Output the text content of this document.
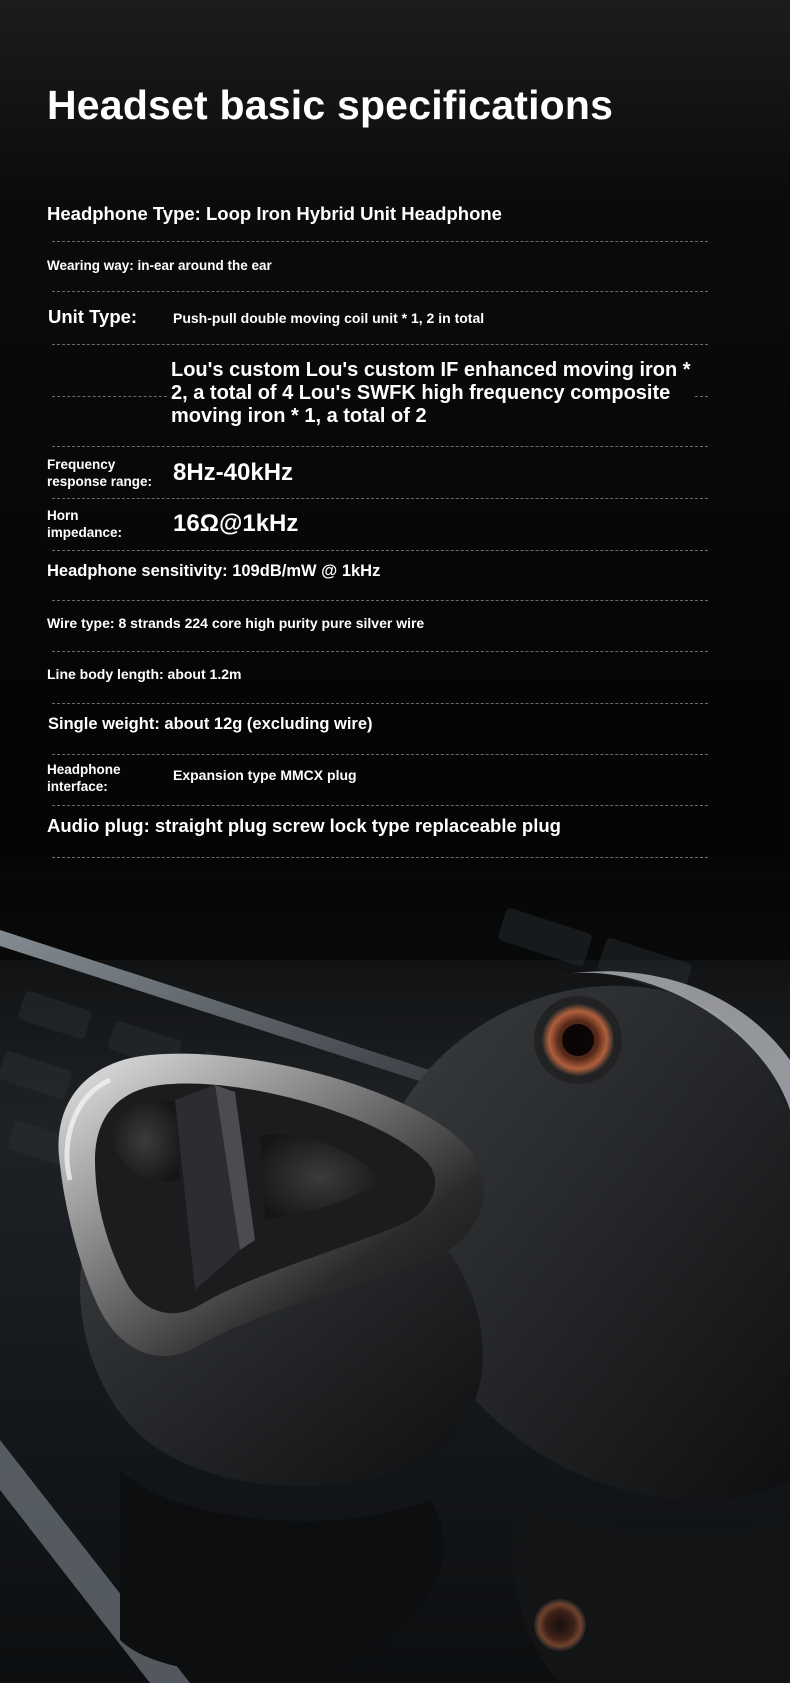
Headset basic specifications
Headphone Type: Loop Iron Hybrid Unit Headphone
Wearing way: in-ear around the ear
Unit Type:	Push-pull double moving coil unit * 1, 2 in total
Lou's custom Lou's custom IF enhanced moving iron * 2, a total of 4 Lou's SWFK high frequency composite moving iron * 1, a total of 2
Frequency response range: 8Hz-40kHz
Horn impedance:	16Ω@1kHz
Headphone sensitivity: 109dB/mW @ 1kHz
Wire type: 8 strands 224 core high purity pure silver wire
Line body length: about 1.2m
Single weight: about 12g (excluding wire)
Headphone interface:
Expansion type MMCX plug
Audio plug: straight plug screw lock type replaceable plug
